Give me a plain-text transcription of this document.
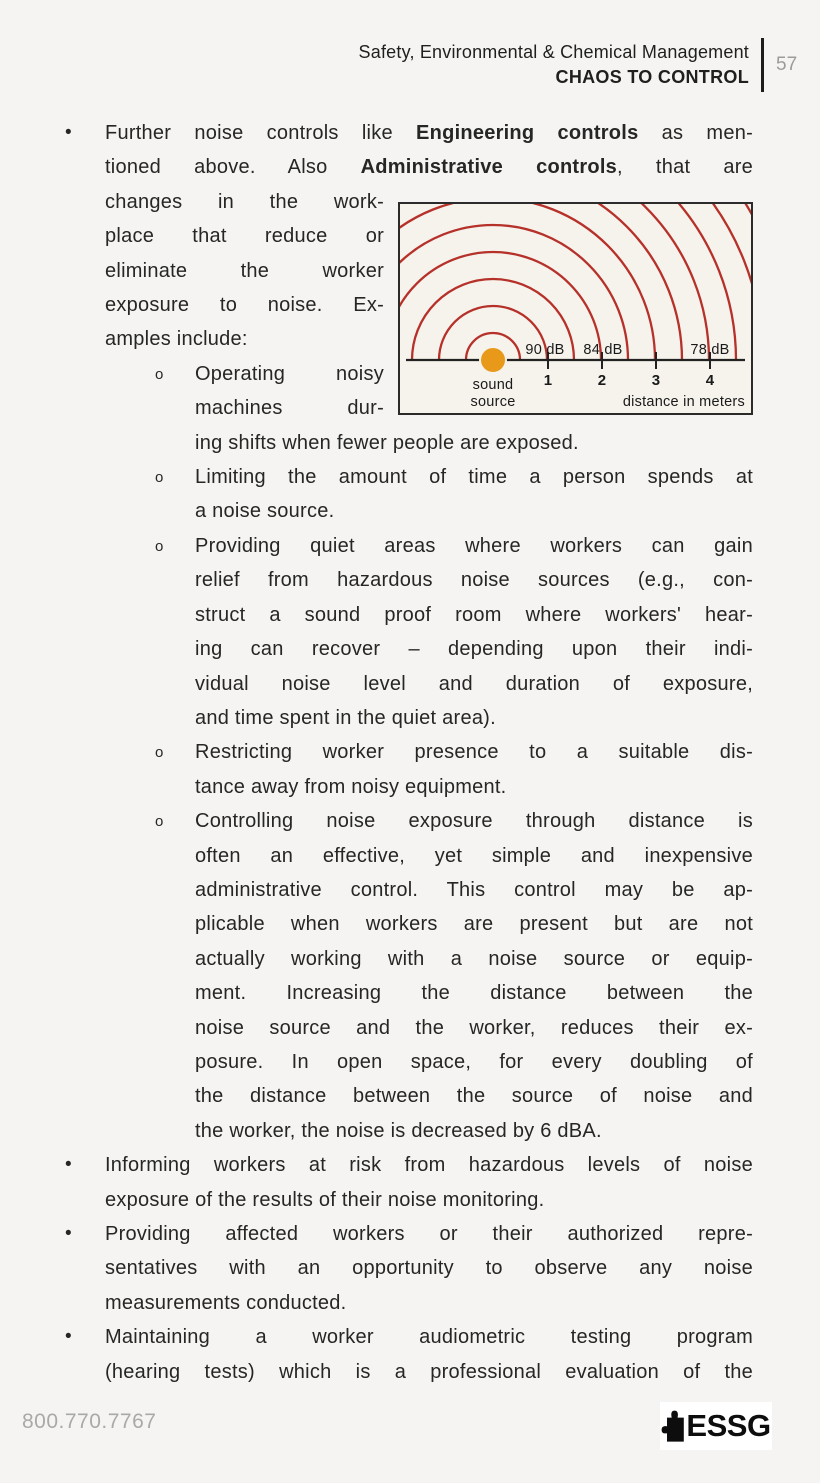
Safety, Environmental & Chemical Management
CHAOS TO CONTROL
57
• Further noise controls like Engineering controls as men-
tioned above. Also Administrative controls, that are
90 dB 84 dB	78 dB
1	2	3	4
sound
source	distance in meters
changes in the work-
place that reduce or
eliminate the worker
exposure to noise. Ex-
amples include:
o Operating noisy
machines dur-
ing shifts when fewer people are exposed.
o Limiting the amount of time a person spends at
a noise source.
o Providing quiet areas where workers can gain
relief from hazardous noise sources (e.g., con-
struct a sound proof room where workers' hear-
ing can recover – depending upon their indi-
vidual noise level and duration of exposure,
and time spent in the quiet area).
o Restricting worker presence to a suitable dis-
tance away from noisy equipment.
o Controlling noise exposure through distance is
often an effective, yet simple and inexpensive
administrative control. This control may be ap-
plicable when workers are present but are not
actually working with a noise source or equip-
ment. Increasing the distance between the
noise source and the worker, reduces their ex-
posure. In open space, for every doubling of
the distance between the source of noise and
the worker, the noise is decreased by 6 dBA.
• Informing workers at risk from hazardous levels of noise
exposure of the results of their noise monitoring.
• Providing affected workers or their authorized repre-
sentatives with an opportunity to observe any noise
measurements conducted.
• Maintaining a worker audiometric testing program
(hearing tests) which is a professional evaluation of the
800.770.7767	ESSG
